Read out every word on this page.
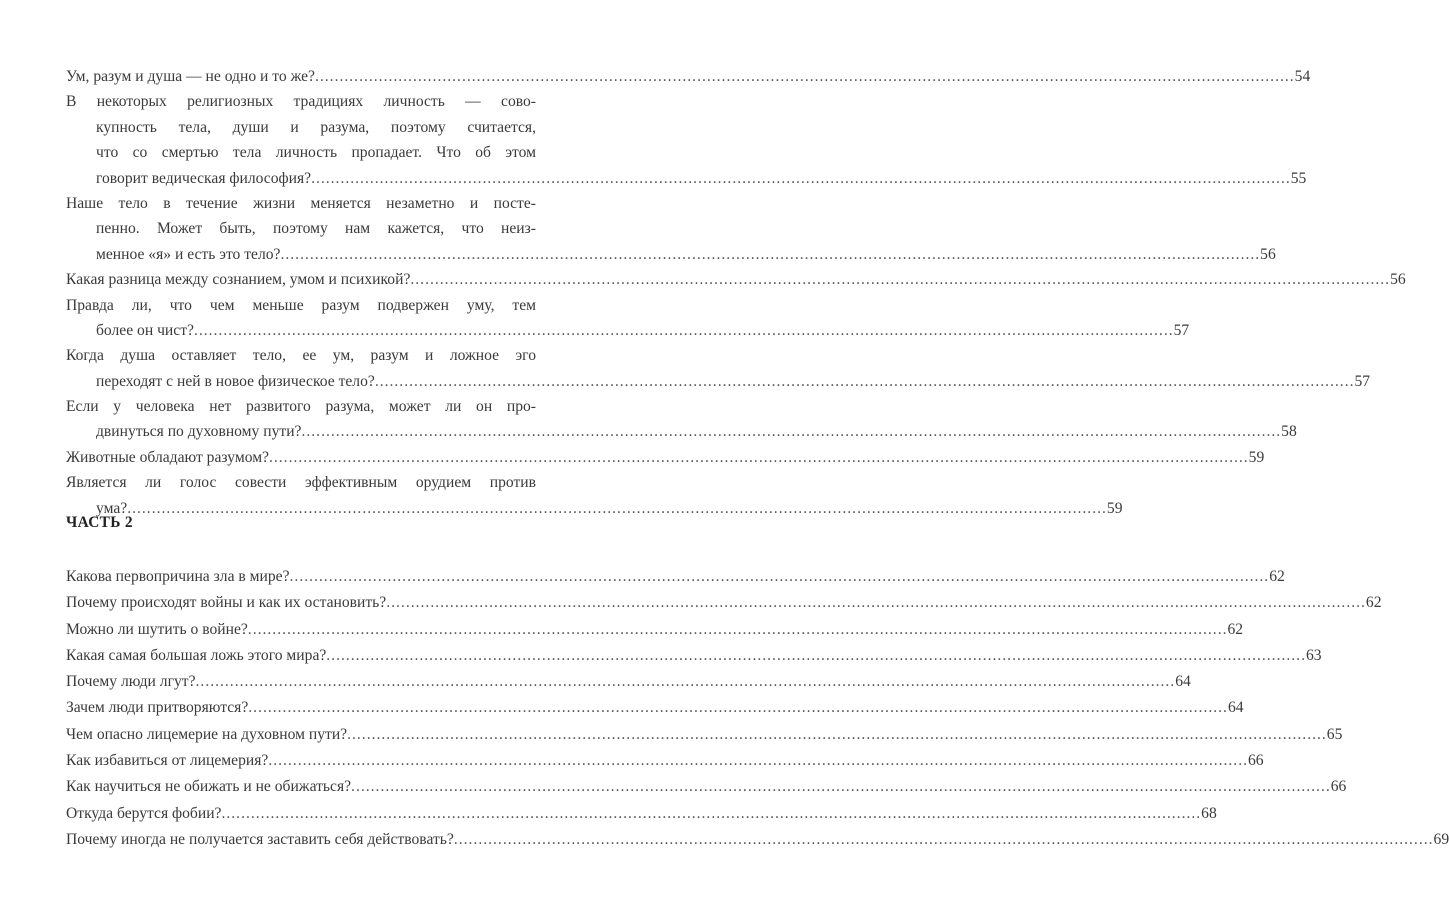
Ум, разум и душа — не одно и то же? ........................................................................................................................................................................................................ 54
В некоторых религиозных традициях личность — сово-
купность тела, души и разума, поэтому считается,
что со смертью тела личность пропадает. Что об этом
говорит ведическая философия? ........................................................................................................................................................................................................ 55
Наше тело в течение жизни меняется незаметно и посте-
пенно. Может быть, поэтому нам кажется, что неиз-
менное «я» и есть это тело? ........................................................................................................................................................................................................ 56
Какая разница между сознанием, умом и психикой? ........................................................................................................................................................................................................ 56
Правда ли, что чем меньше разум подвержен уму, тем
более он чист? ........................................................................................................................................................................................................ 57
Когда душа оставляет тело, ее ум, разум и ложное эго
переходят с ней в новое физическое тело? ........................................................................................................................................................................................................ 57
Если у человека нет развитого разума, может ли он про-
двинуться по духовному пути? ........................................................................................................................................................................................................ 58
Животные обладают разумом? ........................................................................................................................................................................................................ 59
Является ли голос совести эффективным орудием против
ума? ........................................................................................................................................................................................................ 59
ЧАСТЬ 2
Какова первопричина зла в мире? ........................................................................................................................................................................................................ 62
Почему происходят войны и как их остановить? ........................................................................................................................................................................................................ 62
Можно ли шутить о войне? ........................................................................................................................................................................................................ 62
Какая самая большая ложь этого мира? ........................................................................................................................................................................................................ 63
Почему люди лгут? ........................................................................................................................................................................................................ 64
Зачем люди притворяются? ........................................................................................................................................................................................................ 64
Чем опасно лицемерие на духовном пути? ........................................................................................................................................................................................................ 65
Как избавиться от лицемерия? ........................................................................................................................................................................................................ 66
Как научиться не обижать и не обижаться? ........................................................................................................................................................................................................ 66
Откуда берутся фобии? ........................................................................................................................................................................................................ 68
Почему иногда не получается заставить себя действовать? ........................................................................................................................................................................................................ 69
